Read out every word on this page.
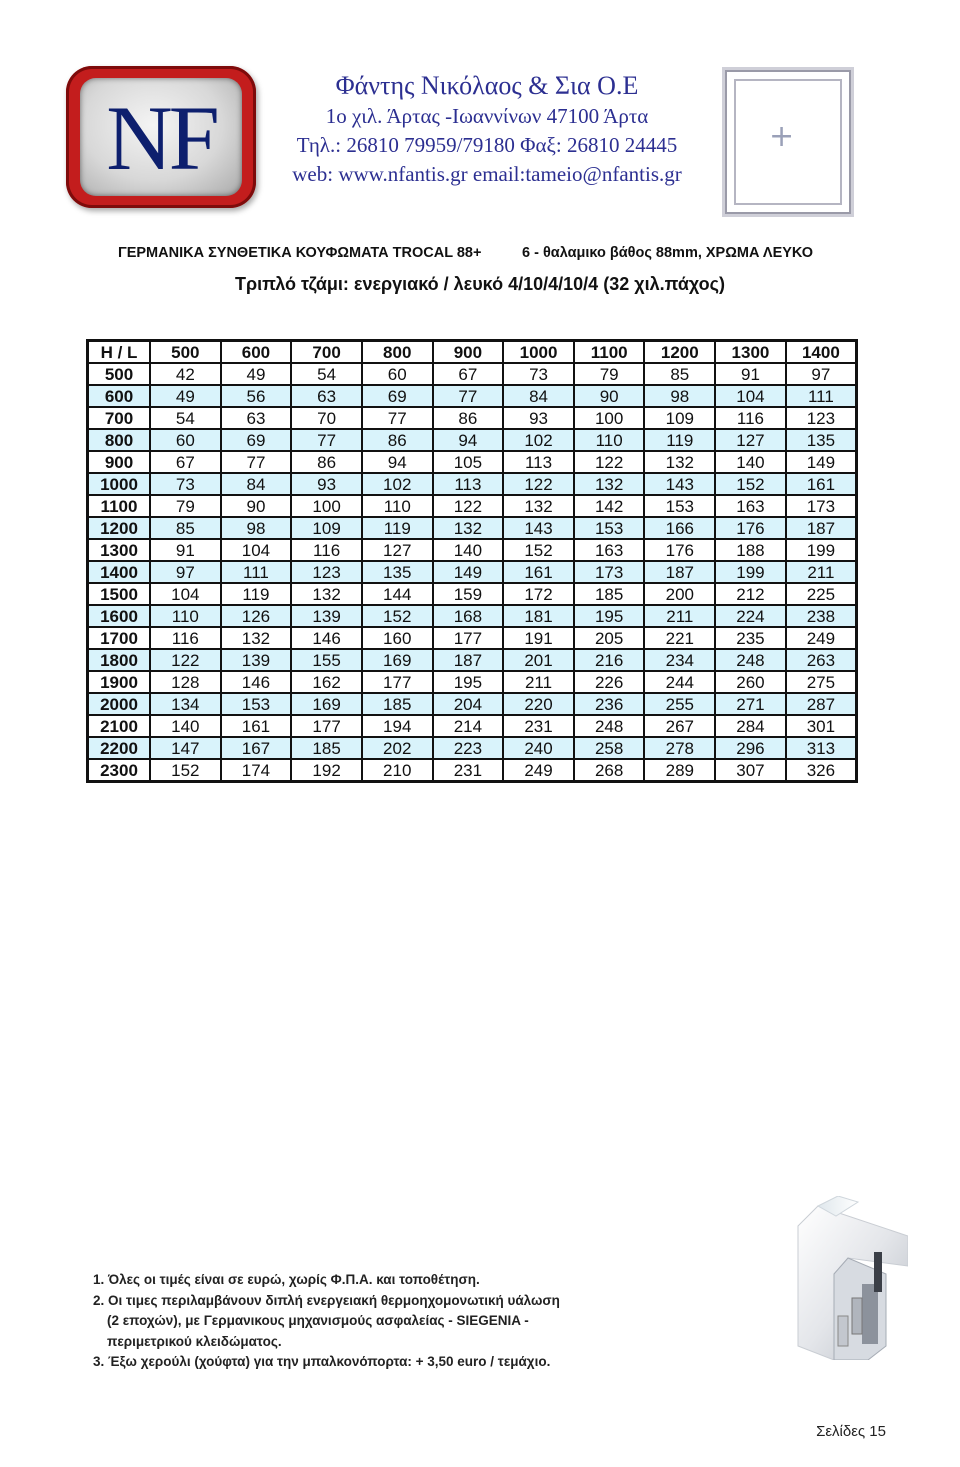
NF
Φάντης Νικόλαος & Σια Ο.Ε
1ο χιλ. Άρτας -Ιωαννίνων 47100 Άρτα
Τηλ.: 26810 79959/79180 Φαξ: 26810 24445
web: www.nfantis.gr email:tameio@nfantis.gr
+
ΓΕΡΜΑΝΙΚΑ ΣΥΝΘΕΤΙΚΑ ΚΟΥΦΩΜΑΤΑ TROCAL 88+	6 - θαλαμικο βάθος 88mm, ΧΡΩΜΑ ΛΕΥΚΟ
Τριπλό τζάμι: ενεργιακό / λευκό 4/10/4/10/4 (32 χιλ.πάχος)
H / L	500	600	700	800	900	1000	1100	1200	1300	1400
500	42	49	54	60	67	73	79	85	91	97
600	49	56	63	69	77	84	90	98	104	111
700	54	63	70	77	86	93	100	109	116	123
800	60	69	77	86	94	102	110	119	127	135
900	67	77	86	94	105	113	122	132	140	149
1000	73	84	93	102	113	122	132	143	152	161
1100	79	90	100	110	122	132	142	153	163	173
1200	85	98	109	119	132	143	153	166	176	187
1300	91	104	116	127	140	152	163	176	188	199
1400	97	111	123	135	149	161	173	187	199	211
1500	104	119	132	144	159	172	185	200	212	225
1600	110	126	139	152	168	181	195	211	224	238
1700	116	132	146	160	177	191	205	221	235	249
1800	122	139	155	169	187	201	216	234	248	263
1900	128	146	162	177	195	211	226	244	260	275
2000	134	153	169	185	204	220	236	255	271	287
2100	140	161	177	194	214	231	248	267	284	301
2200	147	167	185	202	223	240	258	278	296	313
2300	152	174	192	210	231	249	268	289	307	326
1. Όλες οι τιμές είναι σε ευρώ, χωρίς Φ.Π.Α. και τοποθέτηση.
2. Οι τιμες περιλαμβάνουν διπλή ενεργειακή θερμοηχομονωτική υάλωση
(2 εποχών), με Γερμανικους μηχανισμούς ασφαλείας - SIEGENIA -
περιμετρικού κλειδώματος.
3. Έξω χερούλι (χούφτα) για την μπαλκονόπορτα: + 3,50 euro / τεμάχιο.
Σελίδες 15
